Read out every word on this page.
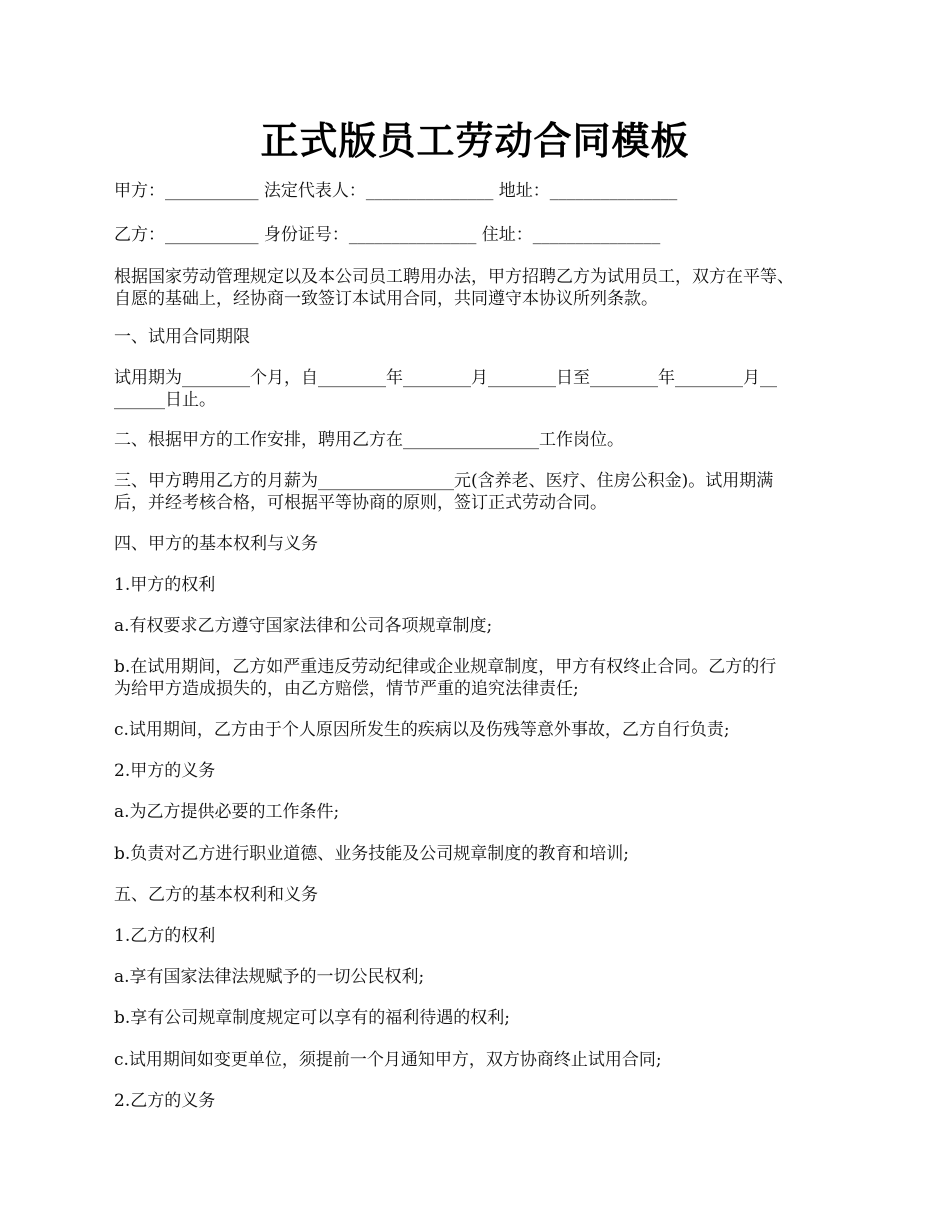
正式版员工劳动合同模板
甲方：___________ 法定代表人：_______________ 地址：_______________
乙方：___________ 身份证号：_______________ 住址：_______________
根据国家劳动管理规定以及本公司员工聘用办法，甲方招聘乙方为试用员工，双方在平等、
自愿的基础上，经协商一致签订本试用合同，共同遵守本协议所列条款。
一、试用合同期限
试用期为________个月，自________年________月________日至________年________月__
______日止。
二、根据甲方的工作安排，聘用乙方在________________工作岗位。
三、甲方聘用乙方的月薪为________________元(含养老、医疗、住房公积金)。试用期满
后，并经考核合格，可根据平等协商的原则，签订正式劳动合同。
四、甲方的基本权利与义务
1.甲方的权利
a.有权要求乙方遵守国家法律和公司各项规章制度;
b.在试用期间，乙方如严重违反劳动纪律或企业规章制度，甲方有权终止合同。乙方的行
为给甲方造成损失的，由乙方赔偿，情节严重的追究法律责任;
c.试用期间，乙方由于个人原因所发生的疾病以及伤残等意外事故，乙方自行负责;
2.甲方的义务
a.为乙方提供必要的工作条件;
b.负责对乙方进行职业道德、业务技能及公司规章制度的教育和培训;
五、乙方的基本权利和义务
1.乙方的权利
a.享有国家法律法规赋予的一切公民权利;
b.享有公司规章制度规定可以享有的福利待遇的权利;
c.试用期间如变更单位，须提前一个月通知甲方，双方协商终止试用合同;
2.乙方的义务
